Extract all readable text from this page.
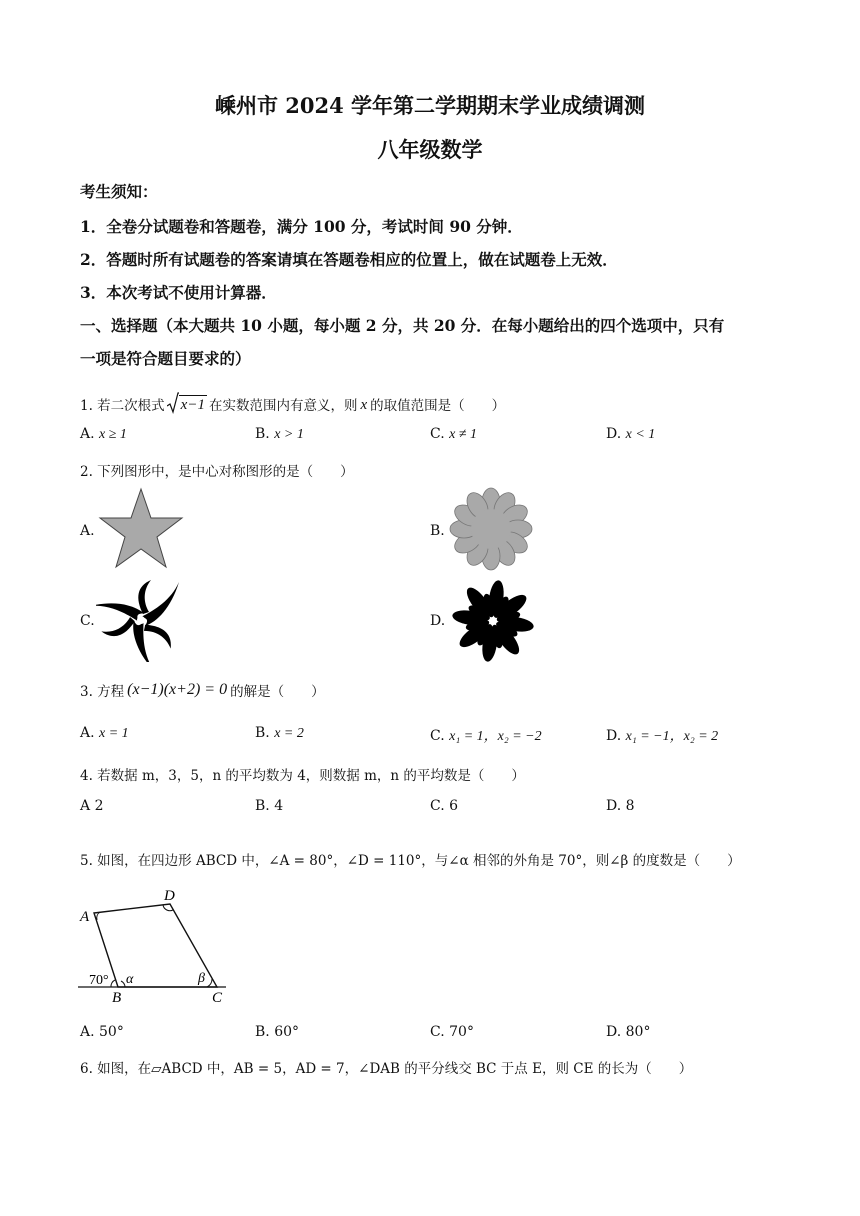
嵊州市 2024 学年第二学期期末学业成绩调测
八年级数学
考生须知：
1．全卷分试题卷和答题卷，满分 100 分，考试时间 90 分钟．
2．答题时所有试题卷的答案请填在答题卷相应的位置上，做在试题卷上无效．
3．本次考试不使用计算器．
一、选择题（本大题共 10 小题，每小题 2 分，共 20 分．在每小题给出的四个选项中，只有
一项是符合题目要求的）
1. 若二次根式 x−1 在实数范围内有意义，则 x 的取值范围是（　　）
A. x ≥ 1	B. x > 1	C. x ≠ 1	D. x < 1
2. 下列图形中，是中心对称图形的是（　　）
A.	B.
C.	D.
3. 方程 (x−1)(x+2) = 0 的解是（　　）
A. x = 1	B. x = 2	C. x₁ = 1，x₂ = −2	D. x₁ = −1，x₂ = 2
4. 若数据 m，3，5，n 的平均数为 4，则数据 m，n 的平均数是（　　）
A 2	B. 4	C. 6	D. 8
5. 如图，在四边形 ABCD 中，∠A = 80°，∠D = 110°，与∠α 相邻的外角是 70°，则∠β 的度数是（　　）
A
D
B	C
α	β
70°
A. 50°	B. 60°	C. 70°	D. 80°
6. 如图，在▱ABCD 中，AB = 5，AD = 7，∠DAB 的平分线交 BC 于点 E，则 CE 的长为（　　）
